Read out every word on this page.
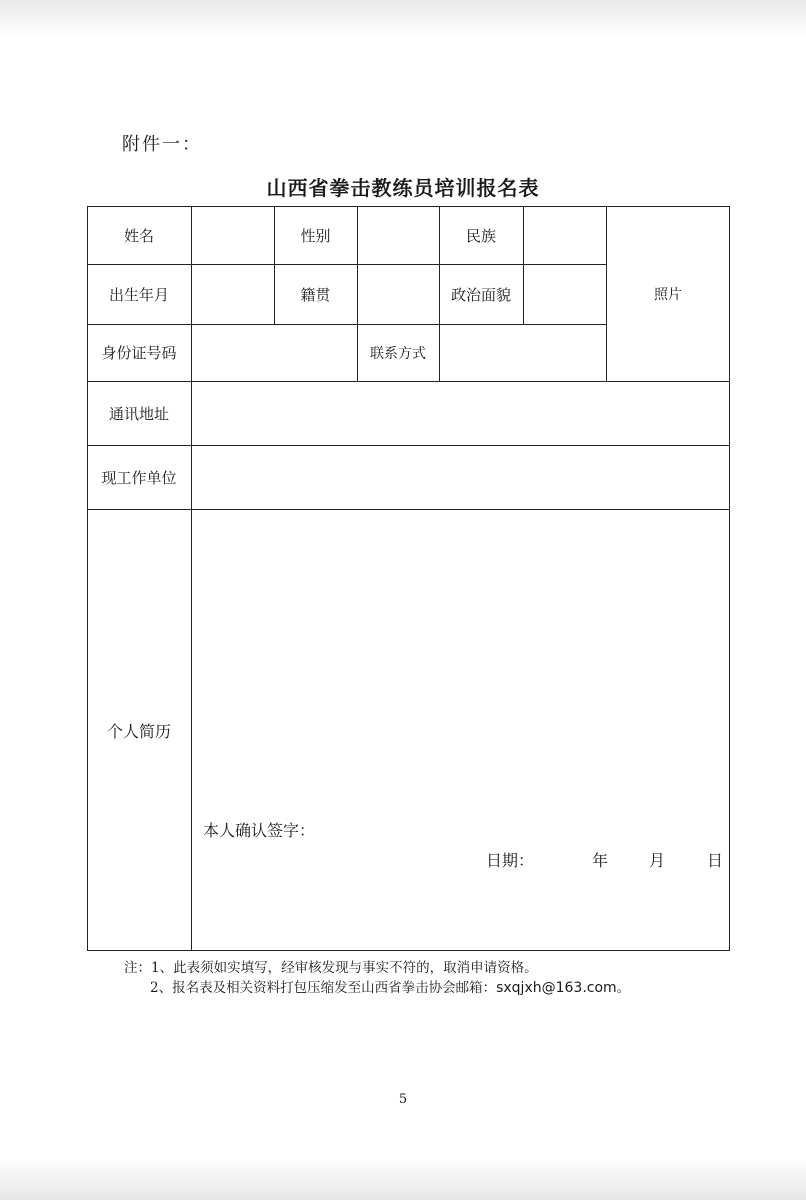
附件一：
山西省拳击教练员培训报名表
姓名	性别	民族
照片
出生年月	籍贯	政治面貌
身份证号码	联系方式
通讯地址
现工作单位
个人简历
本人确认签字：
日期：	年	月	日
注：1、此表须如实填写，经审核发现与事实不符的，取消申请资格。
2、报名表及相关资料打包压缩发至山西省拳击协会邮箱：sxqjxh@163.com。
5
